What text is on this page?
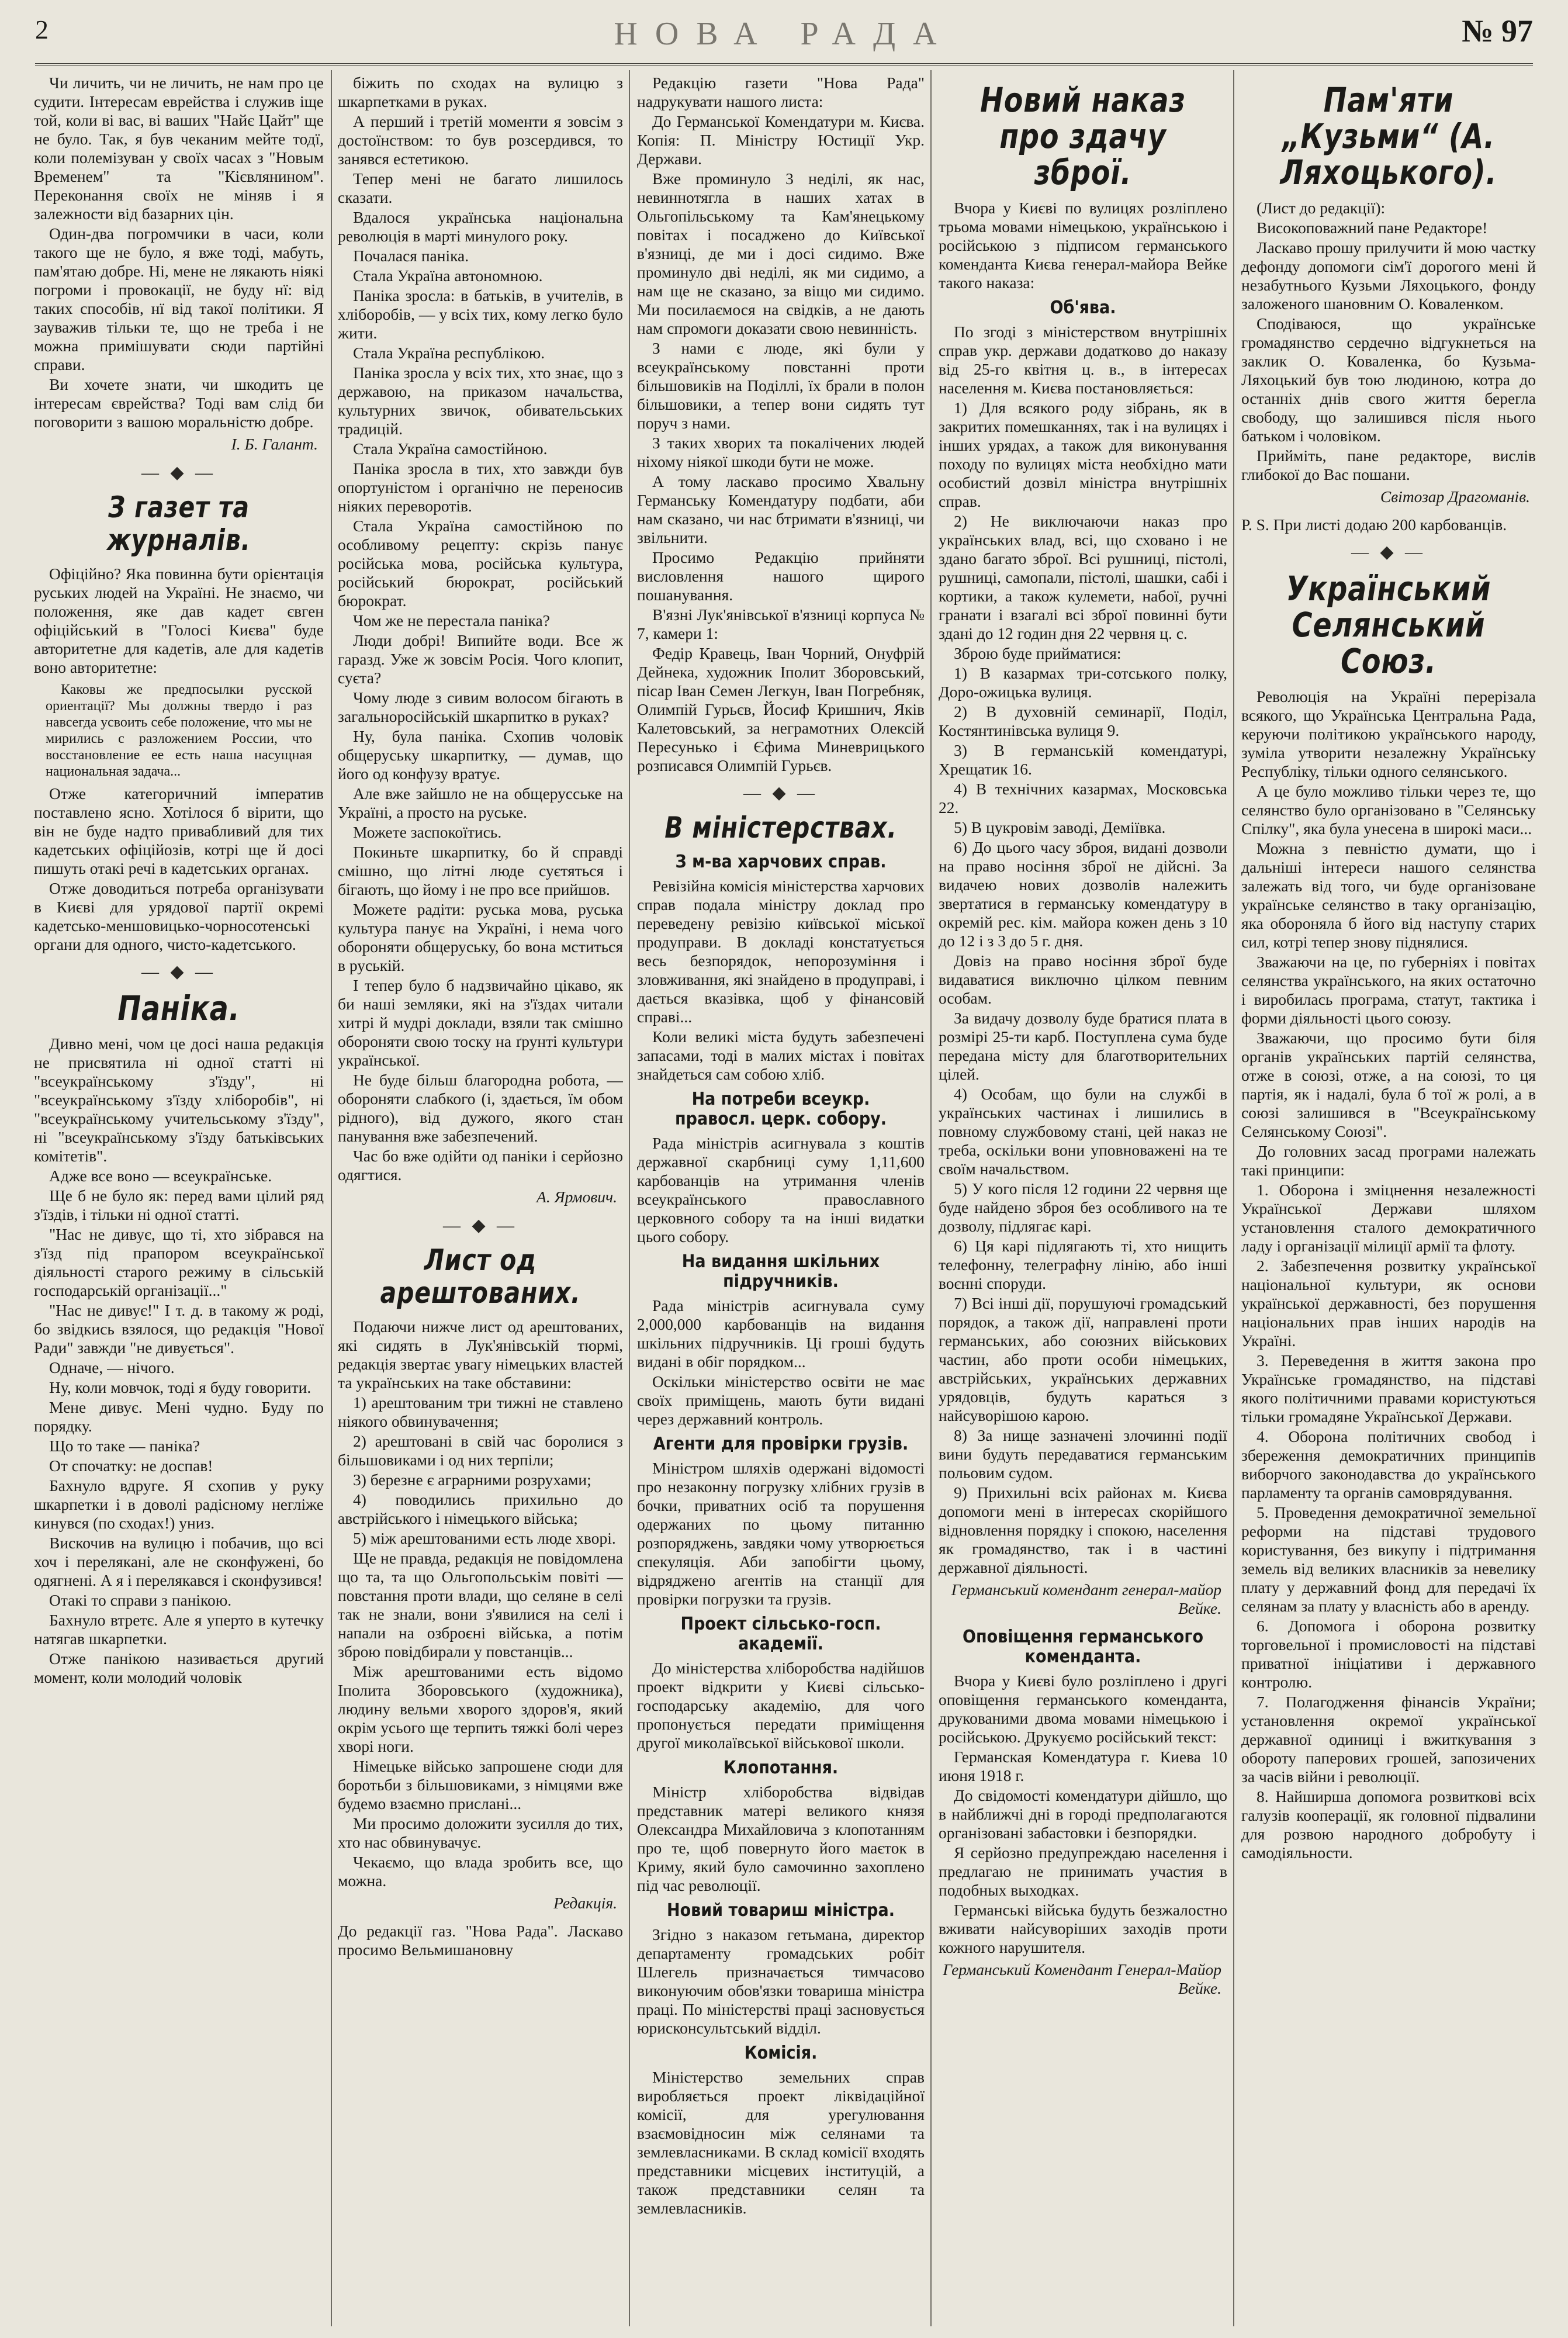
2	НОВА РАДА	№ 97

Чи личить, чи не личить, не нам про це судити. Інтересам еврейства і служив іще той, коли ві вас, ві ваших "Найє Цайт" ще не було. Так, я був чеканим мейте тодї, коли полемізуван у своїх часах з "Новым Временем" та "Кієвлянином". Переконання своїх не міняв і я залежности від базарних цін.

Один-два погромчики в часи, коли такого ще не було, я вже тоді, мабуть, пам'ятаю добре. Ні, мене не лякають ніякі погроми і провокації, не буду нї: від таких способів, нї від такої політики. Я зауважив тільки те, що не треба і не можна примішувати сюди партійні справи.

Ви хочете знати, чи шкодить це інтересам єврейства? Тоді вам слід би поговорити з вашою моральністю добре.

І. Б. Галант.

— ◆ —
З газет та журналів.

Офіційно? Яка повинна бути орієнтація руських людей на Україні. Не знаємо, чи положення, яке дав кадет євген офіційський в "Голосі Києва" буде авторитетне для кадетів, але для кадетів воно авторитетне:

Каковы же предпосылки русской ориентації? Мы должны твердо і раз навсегда усвоить себе положение, что мы не мирились с разложением России, что восстановление ее есть наша насущная национальная задача...

Отже категоричний імператив поставлено ясно. Хотілося б вірити, що він не буде надто привабливий для тих кадетських офіційозів, котрі ще й досі пишуть отакі речі в кадетських органах.

Отже доводиться потреба організувати в Києві для урядової партії окремі кадетсько-меншовицько-чорносотенські органи для одного, чисто-кадетського.

— ◆ —
Паніка.

Дивно мені, чом це досі наша редакція не присвятила ні одної статті ні "всеукраїнському з'їзду", ні "всеукраїнському з'їзду хліборобів", ні "всеукраїнському учительському з'їзду", ні "всеукраїнському з'їзду батьківських комітетів".

Адже все воно — всеукраїнське.

Ще б не було як: перед вами цілий ряд з'їздів, і тільки ні одної статті.

"Нас не дивує, що ті, хто зібрався на з'їзд під прапором всеукраїнської діяльності старого режиму в сільській господарській організації..."

"Нас не дивує!" І т. д. в такому ж роді, бо звідкись взялося, що редакція "Нової Ради" завжди "не дивується".

Одначе, — нічого.

Ну, коли мовчок, тоді я буду говорити.

Мене дивує. Мені чудно. Буду по порядку.

Що то таке — паніка?

От спочатку: не доспав!

Бахнуло вдруге. Я схопив у руку шкарпетки і в доволі радісному негліже кинувся (по сходах!) униз.

Вискочив на вулицю і побачив, що всі хоч і перелякані, але не сконфужені, бо одягнені. А я і перелякався і сконфузився!

Отакі то справи з панікою.

Бахнуло втретє. Але я уперто в кутечку натягав шкарпетки.

Отже панікою називається другий момент, коли молодий чоловік

біжить по сходах на вулицю з шкарпетками в руках.

А перший і третій моменти я зовсім з достоїнством: то був розсердився, то занявся естетикою.

Тепер мені не багато лишилось сказати.

Вдалося українська національна революція в марті минулого року.

Почалася паніка.

Стала Україна автономною.

Паніка зросла: в батьків, в учителів, в хліборобів, — у всіх тих, кому легко було жити.

Стала Україна республікою.

Паніка зросла у всіх тих, хто знає, що з державою, на приказом начальства, культурних звичок, обивательських традицій.

Стала Україна самостійною.

Паніка зросла в тих, хто завжди був опортуністом і органічно не переносив ніяких переворотів.

Стала Україна самостійною по особливому рецепту: скрізь панує російська мова, російська культура, російський бюрократ, російський бюрократ.

Чом же не перестала паніка?

Люди добрі! Випийте води. Все ж гаразд. Уже ж зовсім Росія. Чого клопит, суєта?

Чому люде з сивим волосом бігають в загальноросійській шкарпитко в руках?

Ну, була паніка. Схопив чоловік общеруську шкарпитку, — думав, що його од конфузу вратує.

Але вже зайшло не на общерусське на Україні, а просто на руське.

Можете заспокоїтись.

Покиньте шкарпитку, бо й справді смішно, що літні люде суєтяться і бігають, що йому і не про все прийшов.

Можете радіти: руська мова, руська культура панує на Україні, і нема чого обороняти общеруську, бо вона мститься в руській.

І тепер було б надзвичайно цікаво, як би наші земляки, які на з'їздах читали хитрі й мудрі доклади, взяли так смішно обороняти свою тоску на ґрунті культури української.

Не буде більш благородна робота, — обороняти слабкого (і, здається, їм обом рідного), від дужого, якого стан панування вже забезпечений.

Час бо вже одійти од паніки і серйозно одягтися.

А. Ярмович.

— ◆ —
Лист од арештованих.

Подаючи нижче лист од арештованих, які сидять в Лук'янівській тюрмі, редакція звертає увагу німецьких властей та українських на таке обставини:

1) арештованим три тижні не ставлено ніякого обвинувачення;

2) арештовані в свій час боролися з більшовиками і од них терпіли;

3) березне є аграрними розрухами;

4) поводились прихильно до австрійського і німецького війська;

5) між арештованими есть люде хворі.

Ще не правда, редакція не повідомлена що та, та що Ольгопольськім повіті — повстання проти влади, що селяне в селі так не знали, вони з'явилися на селі і напали на озброєні війська, а потім зброю повідбирали у повстанців...

Між арештованими есть відомо Іполита Зборовського (художника), людину вельми хворого здоров'я, який окрім усього ще терпить тяжкі болі через хворі ноги.

Німецьке військо запрошене сюди для боротьби з більшовиками, з німцями вже будемо взаємно прислані...

Ми просимо доложити зусилля до тих, хто нас обвинувачує.

Чекаємо, що влада зробить все, що можна.

Редакція.

До редакції газ. "Нова Рада". Ласкаво просимо Вельмишановну

Редакцію газети "Нова Рада" надрукувати нашого листа:

До Германської Комендатури м. Києва. Копія: П. Міністру Юстиції Укр. Держави.

Вже проминуло 3 неділі, як нас, невиннотягла в наших хатах в Ольгопільському та Кам'янецькому повітах і посаджено до Київської в'язниці, де ми і досі сидимо. Вже проминуло дві неділі, як ми сидимо, а нам ще не сказано, за віщо ми сидимо. Ми посилаємося на свідків, а не дають нам спромоги доказати свою невинність.

З нами є люде, які були у всеукраїнському повстанні проти більшовиків на Поділлі, їх брали в полон більшовики, а тепер вони сидять тут поруч з нами.

З таких хворих та покалічених людей ніхому ніякої шкоди бути не може.

А тому ласкаво просимо Хвальну Германську Комендатуру подбати, аби нам сказано, чи нас бтримати в'язниці, чи звільнити.

Просимо Редакцію прийняти висловлення нашого щирого пошанування.

В'язні Лук'янівської в'язниці корпуса № 7, камери 1:

Федір Кравець, Іван Чорний, Онуфрій Дейнека, художник Іполит Зборовський, пісар Іван Семен Легкун, Іван Погребняк, Олимпій Гурьєв, Йосиф Кришнич, Яків Калетовський, за неграмотних Олексій Пересунько і Єфима Миневрицького розписався Олимпій Гурьєв.

— ◆ —
В міністерствах.
З м-ва харчових справ.

Ревізійна комісія міністерства харчових справ подала міністру доклад про переведену ревізію київської міської продуправи. В докладі констатується весь безпорядок, непорозуміння і зловживання, які знайдено в продуправі, і дається вказівка, щоб у фінансовій справі...

Коли великі міста будуть забезпечені запасами, тоді в малих містах і повітах знайдеться сам собою хліб.

На потреби всеукр. правосл. церк. собору.

Рада міністрів асигнувала з коштів державної скарбниці суму 1,11,600 карбованців на утримання членів всеукраїнського православного церковного собору та на інші видатки цього собору.

На видання шкільних підручників.

Рада міністрів асигнувала суму 2,000,000 карбованців на видання шкільних підручників. Ці гроші будуть видані в обіг порядком...

Оскільки міністерство освіти не має своїх приміщень, мають бути видані через державний контроль.

Агенти для провірки грузів.

Міністром шляхів одержані відомості про незаконну погрузку хлібних грузів в бочки, приватних осіб та порушення одержаних по цьому питанню розпоряджень, завдяки чому утворюється спекуляція. Аби запобігти цьому, відряджено агентів на станції для провірки погрузки та грузів.

Проект сільсько-госп. академії.

До міністерства хліборобства надійшов проект відкрити у Києві сільсько-господарську академію, для чого пропонується передати приміщення другої миколаївської військової школи.

Клопотання.

Міністр хліборобства відвідав представник матері великого князя Олександра Михайловича з клопотанням про те, щоб повернуто його маєток в Криму, який було самочинно захоплено під час революції.

Новий товариш міністра.

Згідно з наказом гетьмана, директор департаменту громадських робіт Шлегель призначається тимчасово виконуючим обов'язки товариша міністра праці. По міністерстві праці засновується юрисконсультський відділ.

Комісія.

Міністерство земельних справ виробляється проект ліквідаційної комісії, для урегулювання взаємовідносин між селянами та землевласниками. В склад комісії входять представники місцевих інституцій, а також представники селян та землевласників.

Новий наказ про здачу зброї.

Вчора у Києві по вулицях розліплено трьома мовами німецькою, українською і російською з підписом германського коменданта Києва генерал-майора Вейке такого наказа:

Об'ява.

По згоді з міністерством внутрішніх справ укр. держави додатково до наказу від 25-го квітня ц. в., в інтересах населення м. Києва постановляється:

1) Для всякого роду зібрань, як в закритих помешканнях, так і на вулицях і інших урядах, а також для виконування походу по вулицях міста необхідно мати особистий дозвіл міністра внутрішніх справ.

2) Не виключаючи наказ про українських влад, всі, що сховано і не здано багато зброї. Всі рушниці, пістолі, рушниці, самопали, пістолі, шашки, сабі і кортики, а також кулемети, набої, ручні гранати і взагалі всі зброї повинні бути здані до 12 годин дня 22 червня ц. с.

Зброю буде прийматися:

1) В казармах три-сотського полку, Доро-ожицька вулиця.

2) В духовній семинарії, Поділ, Костянтинівська вулиця 9.

3) В германській комендатурі, Хрещатик 16.

4) В технічних казармах, Московська 22.

5) В цукровім заводі, Деміївка.

6) До цього часу зброя, видані дозволи на право носіння зброї не дійсні. За видачею нових дозволів належить звертатися в германську комендатуру в окремій рес. кім. майора кожен день з 10 до 12 і з 3 до 5 г. дня.

Довіз на право носіння зброї буде видаватися виключно цілком певним особам.

За видачу дозволу буде братися плата в розмірі 25-ти карб. Поступлена сума буде передана місту для благотворительних цілей.

4) Особам, що були на службі в українських частинах і лишились в повному службовому стані, цей наказ не треба, оскільки вони уповноважені на те своїм начальством.

5) У кого після 12 години 22 червня ще буде найдено зброя без особливого на те дозволу, підлягає карі.

6) Ця карі підлягають ті, хто нищить телефонну, телеграфну лінію, або інші воєнні споруди.

7) Всі інші дії, порушуючі громадський порядок, а також дії, направлені проти германських, або союзних військових частин, або проти особи німецьких, австрійських, українських державних урядовців, будуть караться з найсуворішою карою.

8) За нище зазначені злочинні події вини будуть передаватися германським польовим судом.

9) Прихильні всіх районах м. Києва допомоги мені в інтересах скорійшого відновлення порядку і спокою, населення як громадянство, так і в частині державної діяльності.

Германський комендант генерал-майор Вейке.

Оповіщення германського коменданта.

Вчора у Києві було розліплено і другі оповіщення германського коменданта, друкованими двома мовами німецькою і російською. Друкуємо російський текст:

Германская Комендатура г. Киева 10 июня 1918 г.

До свідомості комендатури дійшло, що в найближчі дні в городі предполагаются організовані забастовки і безпорядки.

Я серйозно предупреждаю населення і предлагаю не принимать участия в подобных выходках.

Германські війська будуть безжалостно вживати найсуворіших заходів проти кожного нарушителя.

Германський Комендант Генерал-Майор Вейке.

Пам'яти „Кузьми“ (А. Ляхоцького).

(Лист до редакції):

Високоповажний пане Редакторе!

Ласкаво прошу прилучити й мою частку дефонду допомоги сім'ї дорогого мені й незабутнього Кузьми Ляхоцького, фонду заложеного шановним О. Коваленком.

Сподіваюся, що українське громадянство сердечно відгукнеться на заклик О. Коваленка, бо Кузьма-Ляхоцький був тою людиною, котра до останніх днів свого життя берегла свободу, що залишився після нього батьком і чоловіком.

Прийміть, пане редакторе, вислів глибокої до Вас пошани.

Світозар Драгоманів.

Р. S. При листі додаю 200 карбованців.

— ◆ —
Український Селянський Союз.

Революція на Україні перерізала всякого, що Українська Центральна Рада, керуючи політикою українського народу, зуміла утворити незалежну Українську Республіку, тільки одного селянського.

А це було можливо тільки через те, що селянство було організовано в "Селянську Спілку", яка була унесена в широкі маси...

Можна з певністю думати, що і дальніші інтереси нашого селянства залежать від того, чи буде організоване українське селянство в таку організацію, яка обороняла б його від наступу старих сил, котрі тепер знову піднялися.

Зважаючи на це, по губерніях і повітах селянства українського, на яких остаточно і виробилась програма, статут, тактика і форми діяльності цього союзу.

Зважаючи, що просимо бути біля органів українських партій селянства, отже в союзі, отже, а на союзі, то ця партія, як і надалі, була б тої ж ролі, а в союзі залишився в "Всеукраїнському Селянському Союзі".

До головних засад програми належать такі принципи:

1. Оборона і зміцнення незалежності Української Держави шляхом установлення сталого демократичного ладу і організації мілиції армії та флоту.

2. Забезпечення розвитку української національної культури, як основи української державності, без порушення національних прав інших народів на Україні.

3. Переведення в життя закона про Українське громадянство, на підставі якого політичними правами користуються тільки громадяне Української Держави.

4. Оборона політичних свобод і збереження демократичних принципів виборчого законодавства до українського парламенту та органів самоврядування.

5. Проведення демократичної земельної реформи на підставі трудового користування, без викупу і підтримання земель від великих власників за невелику плату у державний фонд для передачі їх селянам за плату у власність або в аренду.

6. Допомога і оборона розвитку торговельної і промисловості на підставі приватної ініціативи і державного контролю.

7. Полагодження фінансів України; установлення окремої української державної одиниці і вжиткування з обороту паперових грошей, запозичених за часів війни і революції.

8. Найширша допомога розвиткові всіх галузів кооперації, як головної підвалини для розвою народного добробуту і самодіяльности.
